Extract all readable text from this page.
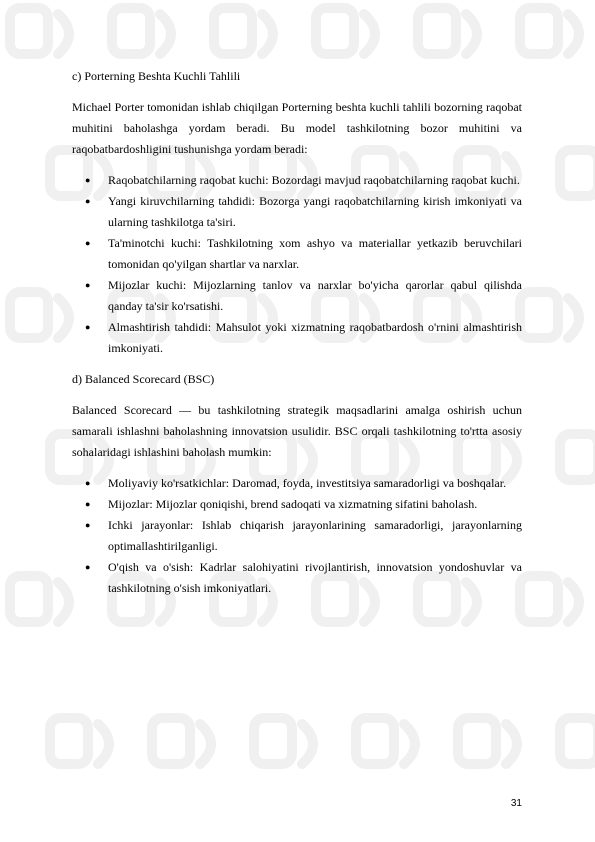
c) Porterning Beshta Kuchli Tahlili

Michael Porter tomonidan ishlab chiqilgan Porterning beshta kuchli tahlili bozorning raqobat muhitini baholashga yordam beradi. Bu model tashkilotning bozor muhitini va raqobatbardoshligini tushunishga yordam beradi:

● Raqobatchilarning raqobat kuchi: Bozordagi mavjud raqobatchilarning raqobat kuchi.
● Yangi kiruvchilarning tahdidi: Bozorga yangi raqobatchilarning kirish imkoniyati va ularning tashkilotga ta'siri.
● Ta'minotchi kuchi: Tashkilotning xom ashyo va materiallar yetkazib beruvchilari tomonidan qo'yilgan shartlar va narxlar.
● Mijozlar kuchi: Mijozlarning tanlov va narxlar bo'yicha qarorlar qabul qilishda qanday ta'sir ko'rsatishi.
● Almashtirish tahdidi: Mahsulot yoki xizmatning raqobatbardosh o'rnini almashtirish imkoniyati.

d) Balanced Scorecard (BSC)

Balanced Scorecard — bu tashkilotning strategik maqsadlarini amalga oshirish uchun samarali ishlashni baholashning innovatsion usulidir. BSC orqali tashkilotning to'rtta asosiy sohalaridagi ishlashini baholash mumkin:

● Moliyaviy ko'rsatkichlar: Daromad, foyda, investitsiya samaradorligi va boshqalar.
● Mijozlar: Mijozlar qoniqishi, brend sadoqati va xizmatning sifatini baholash.
● Ichki jarayonlar: Ishlab chiqarish jarayonlarining samaradorligi, jarayonlarning optimallashtirilganligi.
● O'qish va o'sish: Kadrlar salohiyatini rivojlantirish, innovatsion yondoshuvlar va tashkilotning o'sish imkoniyatlari.
31
